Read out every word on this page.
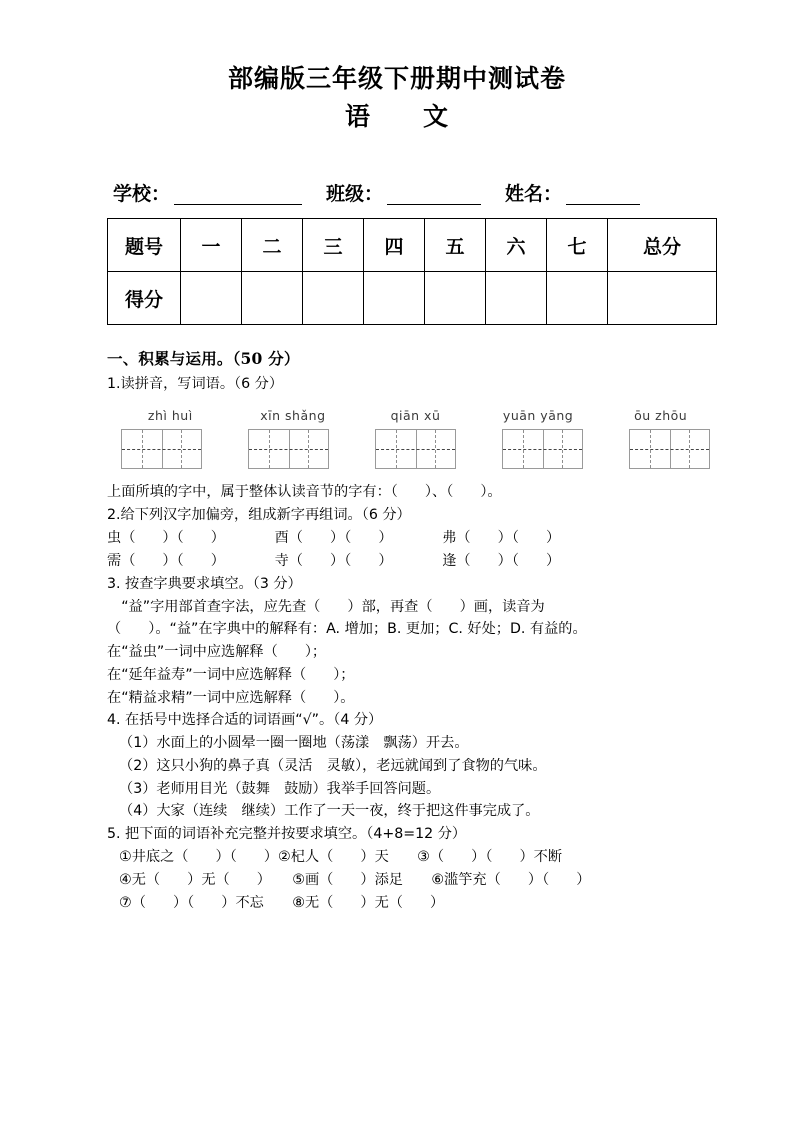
部编版三年级下册期中测试卷
语　　文
学校：	班级：	姓名：
题号	一	二	三	四	五	六	七	总分
得分								
一、积累与运用。（50 分）
1.读拼音，写词语。（6 分）
zhì huì	xīn shǎng	qiān xū	yuān yāng	ōu zhōu
上面所填的字中，属于整体认读音节的字有：（      ）、（      ）。
2.给下列汉字加偏旁，组成新字再组词。（6 分）
虫（      ）（      ）　　　　酉（      ）（      ）　　　　弗（      ）（      ）
需（      ）（      ）　　　　寺（      ）（      ）　　　　逢（      ）（      ）
3. 按查字典要求填空。（3 分）
　“益”字用部首查字法，应先查（      ）部，再查（      ）画，读音为
（      ）。“益”在字典中的解释有：A. 增加；B. 更加；C. 好处；D. 有益的。
在“益虫”一词中应选解释（      ）；
在“延年益寿”一词中应选解释（      ）；
在“精益求精”一词中应选解释（      ）。
4. 在括号中选择合适的词语画“√”。（4 分）
（1）水面上的小圆晕一圈一圈地（荡漾　飘荡）开去。
（2）这只小狗的鼻子真（灵活　灵敏），老远就闻到了食物的气味。
（3）老师用目光（鼓舞　鼓励）我举手回答问题。
（4）大家（连续　继续）工作了一天一夜，终于把这件事完成了。
5. 把下面的词语补充完整并按要求填空。（4+8=12 分）
①井底之（      ）（      ）②杞人（      ）天　　③（      ）（      ）不断
④无（      ）无（      ）　　⑤画（      ）添足　　⑥滥竽充（      ）（      ）
⑦（      ）（      ）不忘　　⑧无（      ）无（      ）
